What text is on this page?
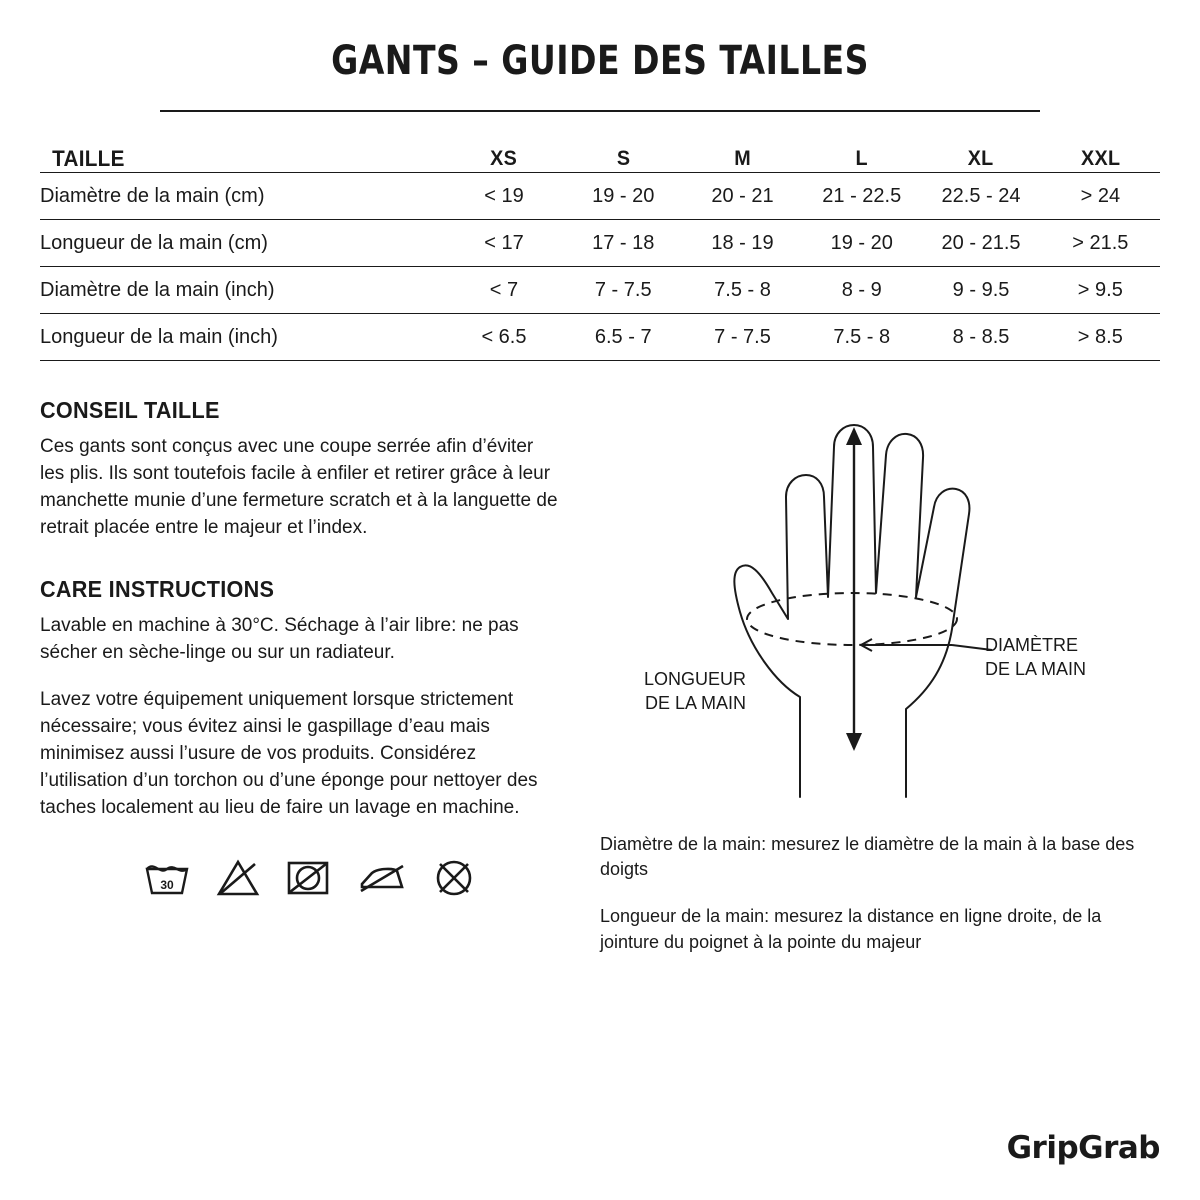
GANTS – GUIDE DES TAILLES
TAILLE	XS	S	M	L	XL	XXL
Diamètre de la main (cm)	< 19	19 - 20	20 - 21	21 - 22.5	22.5 - 24	> 24
Longueur de la main (cm)	< 17	17 - 18	18 - 19	19 - 20	20 - 21.5	> 21.5
Diamètre de la main (inch)	< 7	7 - 7.5	7.5 - 8	8 - 9	9 - 9.5	> 9.5
Longueur de la main (inch)	< 6.5	6.5 - 7	7 - 7.5	7.5 - 8	8 - 8.5	> 8.5
CONSEIL TAILLE

Ces gants sont conçus avec une coupe serrée afin d’éviter les plis. Ils sont toutefois facile à enfiler et retirer grâce à leur manchette munie d’une fermeture scratch et à la languette de retrait placée entre le majeur et l’index.

CARE INSTRUCTIONS

Lavable en machine à 30°C. Séchage à l’air libre: ne pas sécher en sèche-linge ou sur un radiateur.

Lavez votre équipement uniquement lorsque strictement nécessaire; vous évitez ainsi le gaspillage d’eau mais minimisez aussi l’usure de vos produits. Considérez l’utilisation d’un torchon ou d’une éponge pour nettoyer des taches localement au lieu de faire un lavage en machine.

30
LONGUEUR
DE LA MAIN
DIAMÈTRE
DE LA MAIN

Diamètre de la main: mesurez le diamètre de la main à la base des doigts

Longueur de la main: mesurez la distance en ligne droite, de la jointure du poignet à la pointe du majeur

GripGrab
